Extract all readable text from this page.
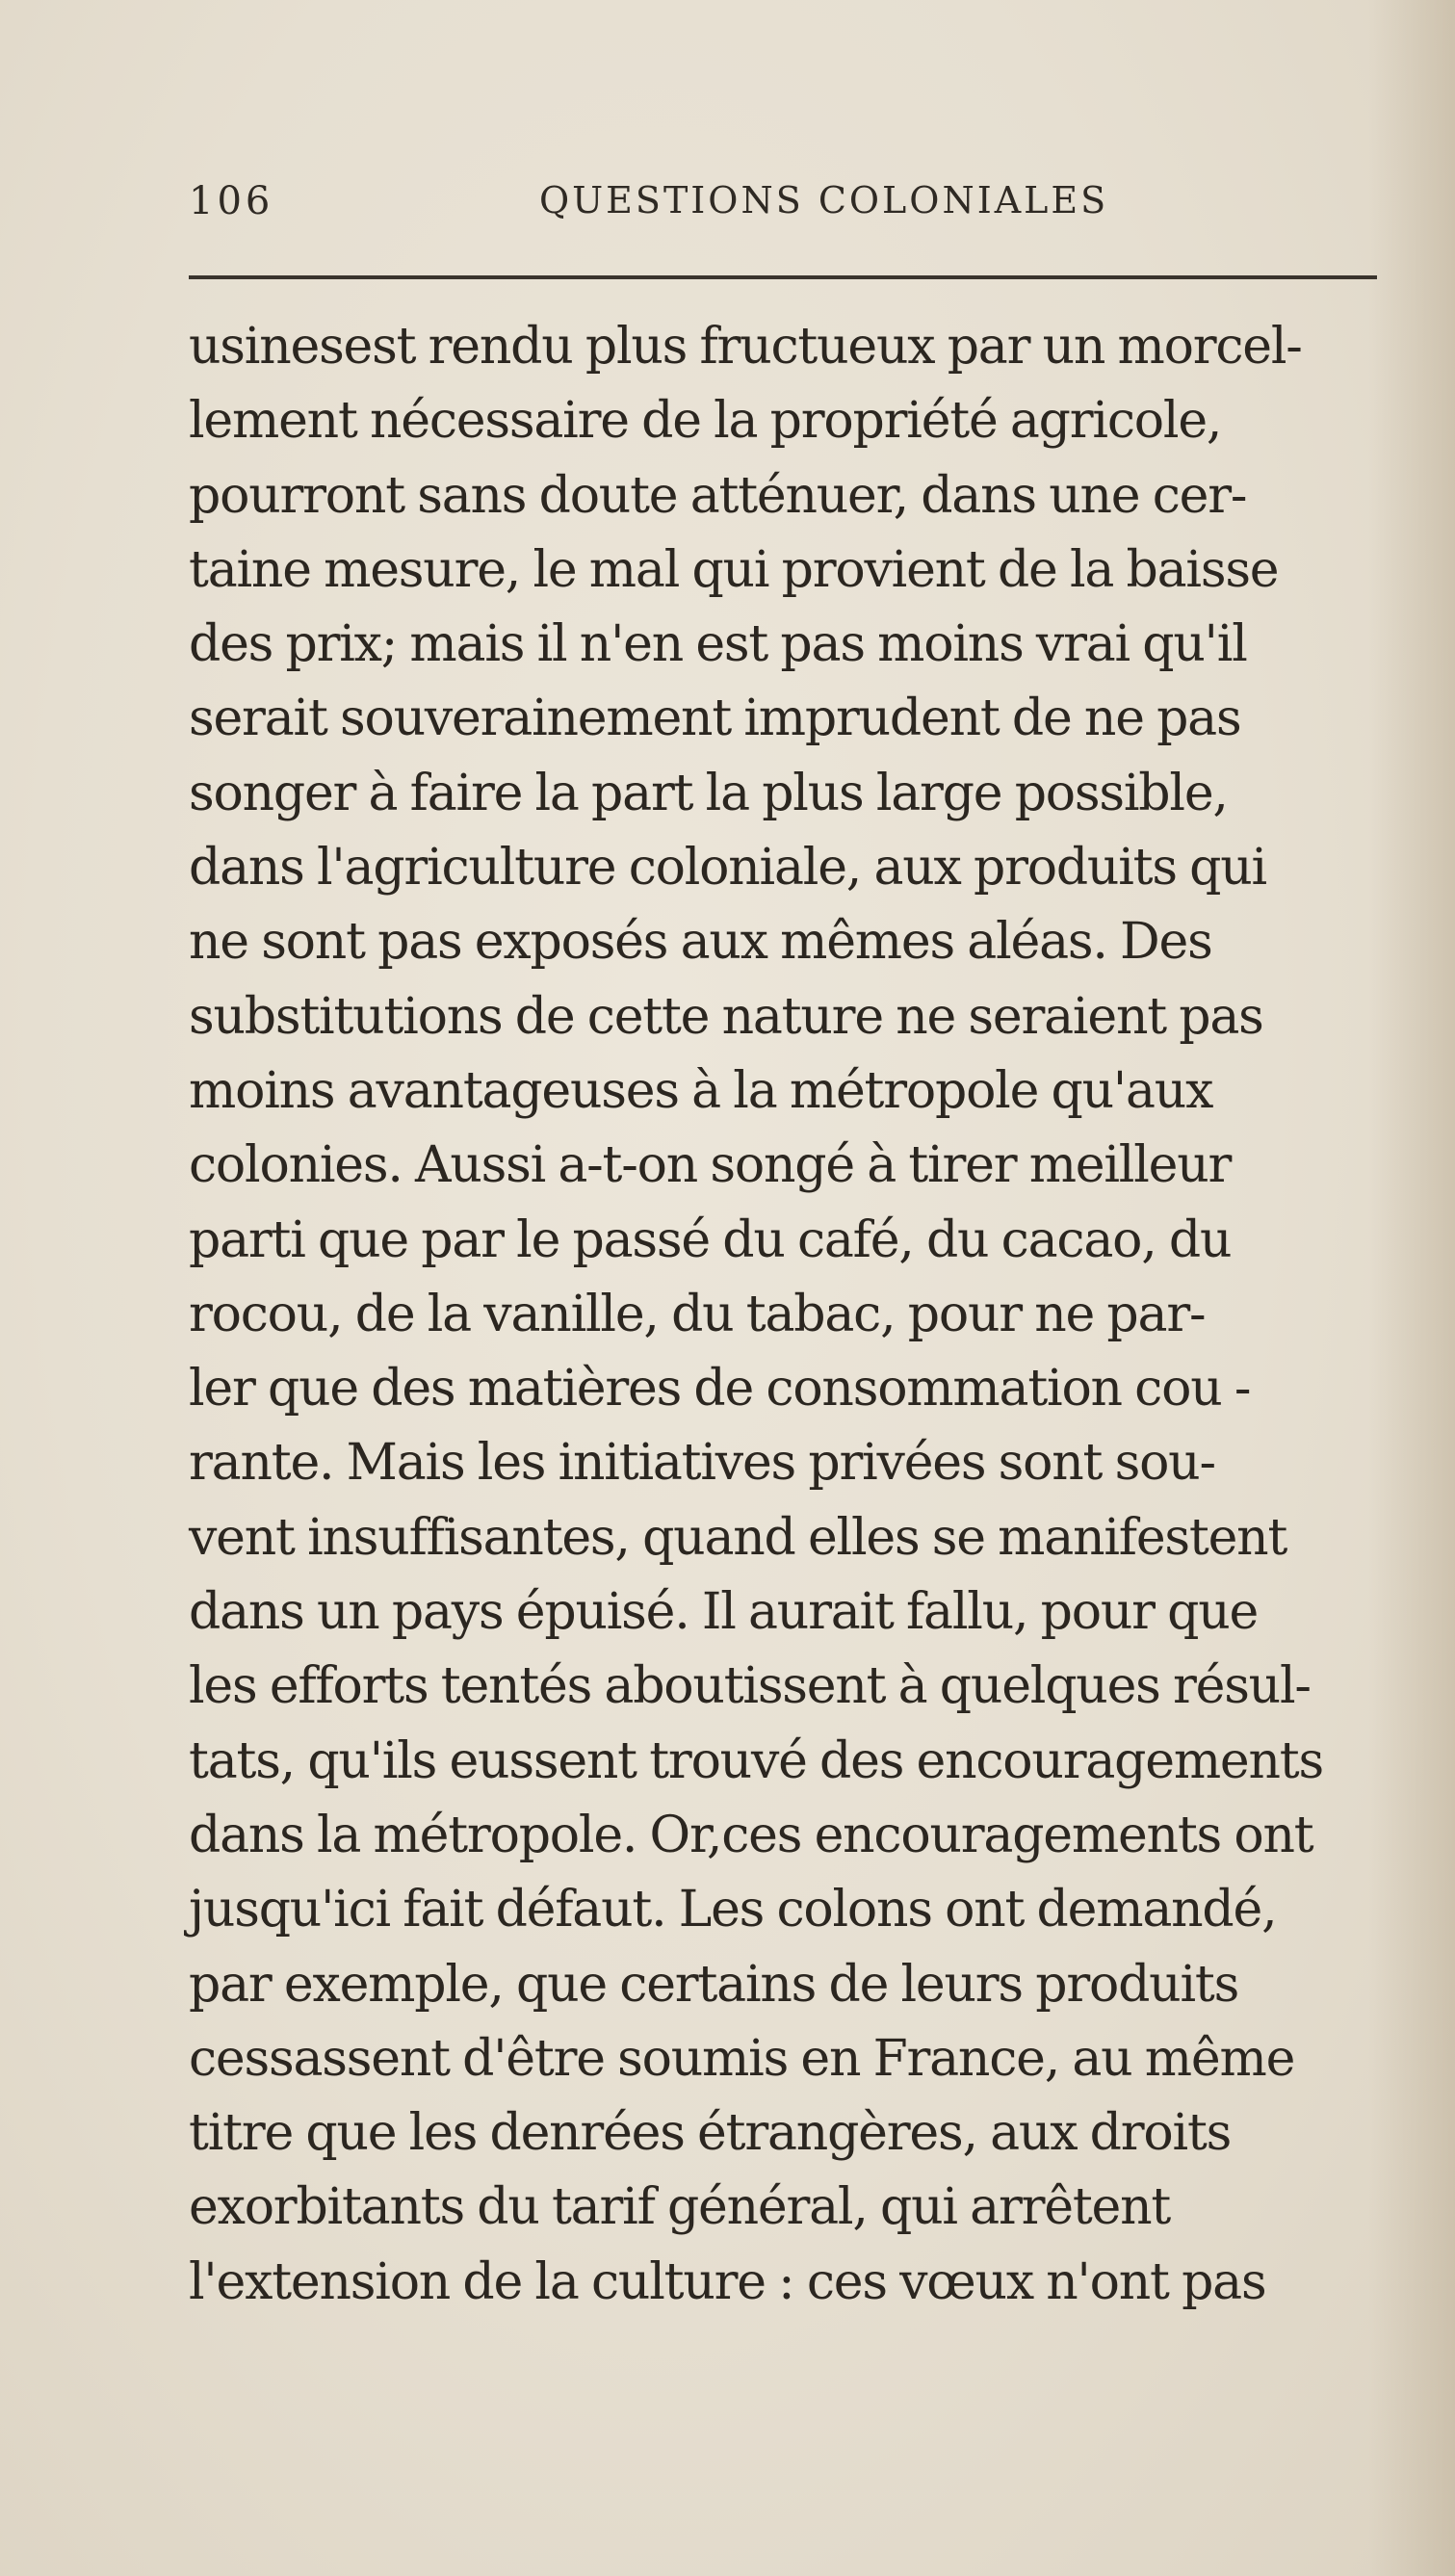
106	QUESTIONS COLONIALES
usinesest rendu plus fructueux par un morcel-
lement nécessaire de la propriété agricole,
pourront sans doute atténuer, dans une cer-
taine mesure, le mal qui provient de la baisse
des prix; mais il n'en est pas moins vrai qu'il
serait souverainement imprudent de ne pas
songer à faire la part la plus large possible,
dans l'agriculture coloniale, aux produits qui
ne sont pas exposés aux mêmes aléas. Des
substitutions de cette nature ne seraient pas
moins avantageuses à la métropole qu'aux
colonies. Aussi a-t-on songé à tirer meilleur
parti que par le passé du café, du cacao, du
rocou, de la vanille, du tabac, pour ne par-
ler que des matières de consommation cou -
rante. Mais les initiatives privées sont sou-
vent insuffisantes, quand elles se manifestent
dans un pays épuisé. Il aurait fallu, pour que
les efforts tentés aboutissent à quelques résul-
tats, qu'ils eussent trouvé des encouragements
dans la métropole. Or,ces encouragements ont
jusqu'ici fait défaut. Les colons ont demandé,
par exemple, que certains de leurs produits
cessassent d'être soumis en France, au même
titre que les denrées étrangères, aux droits
exorbitants du tarif général, qui arrêtent
l'extension de la culture : ces vœux n'ont pas
